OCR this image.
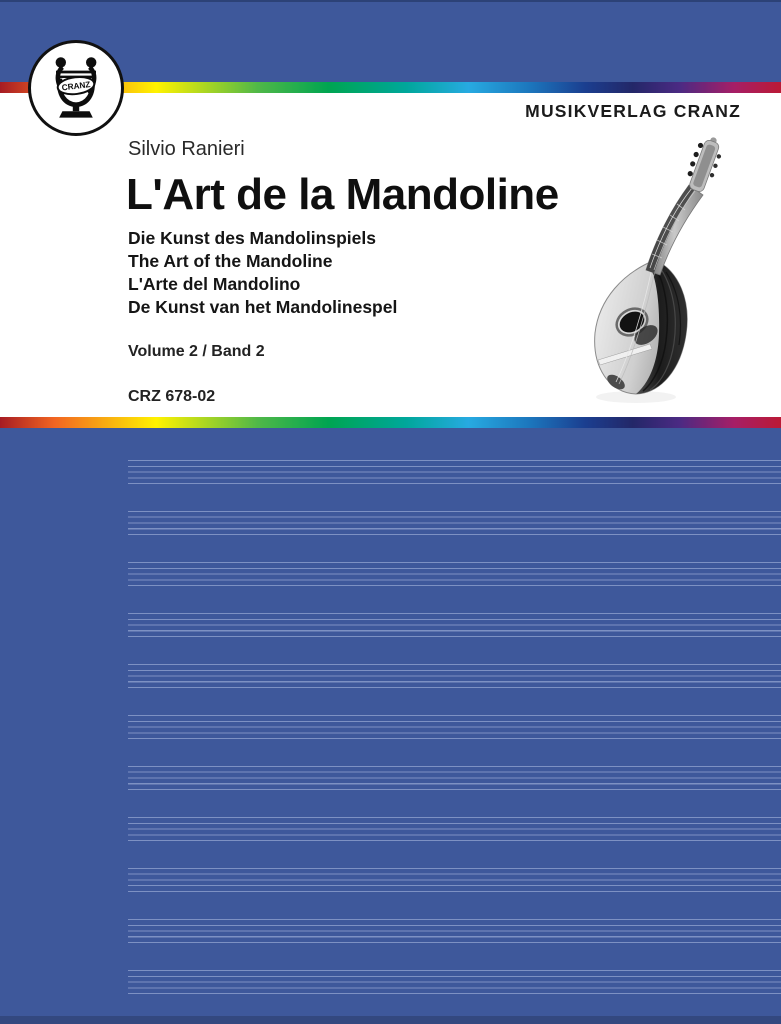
CRANZ
MUSIKVERLAG CRANZ
Silvio Ranieri
L'Art de la Mandoline
Die Kunst des Mandolinspiels
The Art of the Mandoline
L'Arte del Mandolino
De Kunst van het Mandolinespel
Volume 2 / Band 2
CRZ 678-02
